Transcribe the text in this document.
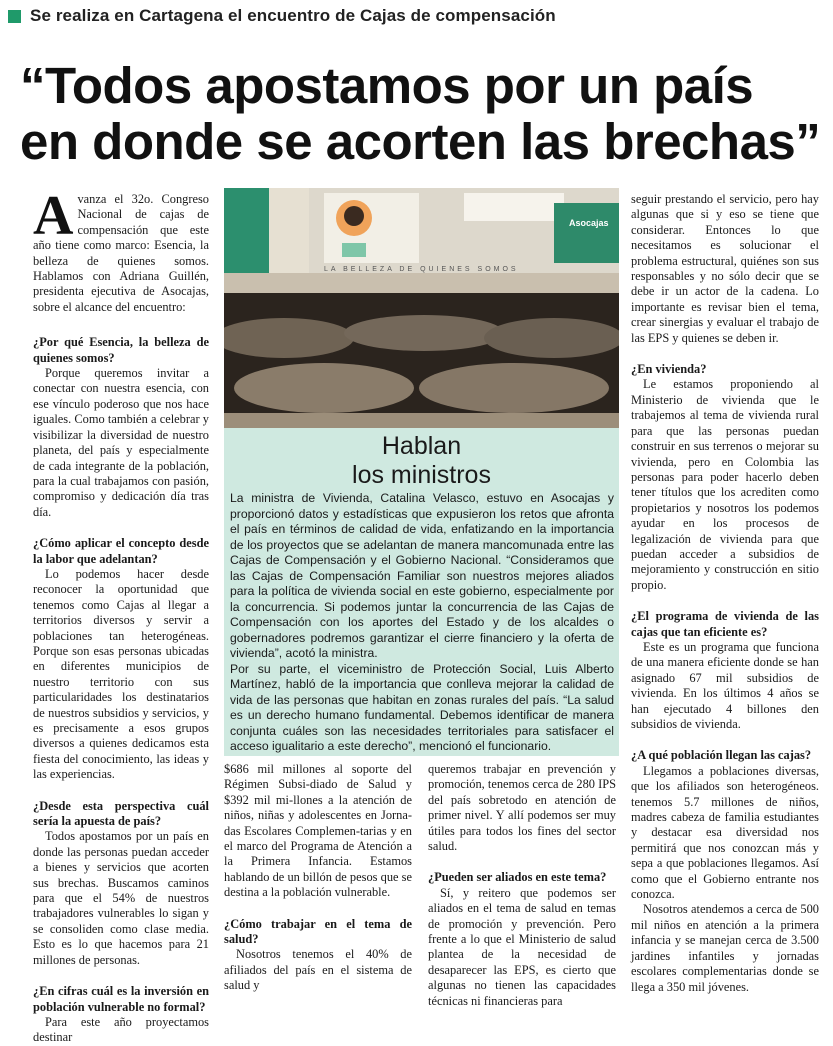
Se realiza en Cartagena el encuentro de Cajas de compensación
“Todos apostamos por un país
en donde se acorten las brechas”

Avanza el 32o. Congreso Nacional de cajas de compensación que este año tiene como marco: Esencia, la belleza de quienes somos. Hablamos con Adriana Guillén, presidenta ejecutiva de Asocajas, sobre el alcance del encuentro:

¿Por qué Esencia, la belleza de quienes somos?

Porque queremos invitar a conectar con nuestra esencia, con ese vínculo poderoso que nos hace iguales. Como también a celebrar y visibilizar la diversidad de nuestro planeta, del país y especialmente de cada integrante de la población, para la cual trabajamos con pasión, compromiso y dedicación día tras día.

¿Cómo aplicar el concepto desde la labor que adelantan?

Lo podemos hacer desde reconocer la oportunidad que tenemos como Cajas al llegar a territorios diversos y servir a poblaciones tan heterogéneas. Porque son esas personas ubicadas en diferentes municipios de nuestro territorio con sus particularidades los destinatarios de nuestros subsidios y servicios, y es precisamente a esos grupos diversos a quienes dedicamos esta fiesta del conocimiento, las ideas y las experiencias.

¿Desde esta perspectiva cuál sería la apuesta de país?

Todos apostamos por un país en donde las personas puedan acceder a bienes y servicios que acorten sus brechas. Buscamos caminos para que el 54% de nuestros trabajadores vulnerables lo sigan y se consoliden como clase media. Esto es lo que hacemos para 21 millones de personas.

¿En cifras cuál es la inversión en población vulnerable no formal?

Para este año proyectamos destinar

LA BELLEZA DE QUIENES SOMOS
Asocajas
Hablan
los ministros

La ministra de Vivienda, Catalina Velasco, estuvo en Asocajas y proporcionó datos y estadísticas que expusieron los retos que afronta el país en términos de calidad de vida, enfatizando en la importancia de los proyectos que se adelantan de manera mancomunada entre las Cajas de Compensación y el Gobierno Nacional. “Consideramos que las Cajas de Compensación Familiar son nuestros mejores aliados para la política de vivienda social en este gobierno, especialmente por la concurrencia. Si podemos juntar la concurrencia de las Cajas de Compensación con los aportes del Estado y de los alcaldes o gobernadores podremos garantizar el cierre financiero y la oferta de vivienda”, acotó la ministra.

Por su parte, el viceministro de Protección Social, Luis Alberto Martínez, habló de la importancia que conlleva mejorar la calidad de vida de las personas que habitan en zonas rurales del país. “La salud es un derecho humano fundamental. Debemos identificar de manera conjunta cuáles son las necesidades territoriales para satisfacer el acceso igualitario a este derecho”, mencionó el funcionario.

$686 mil millones al soporte del Régimen Subsi-diado de Salud y $392 mil mi-llones a la atención de niños, niñas y adolescentes en Jorna-das Escolares Complemen-tarias y en el marco del Programa de Atención a la Primera Infancia. Estamos hablando de un billón de pesos que se destina a la población vulnerable.

¿Cómo trabajar en el tema de salud?

Nosotros tenemos el 40% de afiliados del país en el sistema de salud y

queremos trabajar en prevención y promoción, tenemos cerca de 280 IPS del país sobretodo en atención de primer nivel. Y allí podemos ser muy útiles para todos los fines del sector salud.

¿Pueden ser aliados en este tema?

Sí, y reitero que podemos ser aliados en el tema de salud en temas de promoción y prevención. Pero frente a lo que el Ministerio de salud plantea de la necesidad de desaparecer las EPS, es cierto que algunas no tienen las capacidades técnicas ni financieras para

seguir prestando el servicio, pero hay algunas que si y eso se tiene que considerar. Entonces lo que necesitamos es solucionar el problema estructural, quiénes son sus responsables y no sólo decir que se debe ir un actor de la cadena. Lo importante es revisar bien el tema, crear sinergias y evaluar el trabajo de las EPS y quienes se deben ir.

¿En vivienda?

Le estamos proponiendo al Ministerio de vivienda que le trabajemos al tema de vivienda rural para que las personas puedan construir en sus terrenos o mejorar su vivienda, pero en Colombia las personas para poder hacerlo deben tener títulos que los acrediten como propietarios y nosotros los podemos ayudar en los procesos de legalización de vivienda para que puedan acceder a subsidios de mejoramiento y construcción en sitio propio.

¿El programa de vivienda de las cajas que tan eficiente es?

Este es un programa que funciona de una manera eficiente donde se han asignado 67 mil subsidios de vivienda. En los últimos 4 años se han ejecutado 4 billones den subsidios de vivienda.

¿A qué población llegan las cajas?

Llegamos a poblaciones diversas, que los afiliados son heterogéneos. tenemos 5.7 millones de niños, madres cabeza de familia estudiantes y destacar esa diversidad nos permitirá que nos conozcan más y sepa a que poblaciones llegamos. Así como que el Gobierno entrante nos conozca.

Nosotros atendemos a cerca de 500 mil niños en atención a la primera infancia y se manejan cerca de 3.500 jardines infantiles y jornadas escolares complementarias donde se llega a 350 mil jóvenes.
